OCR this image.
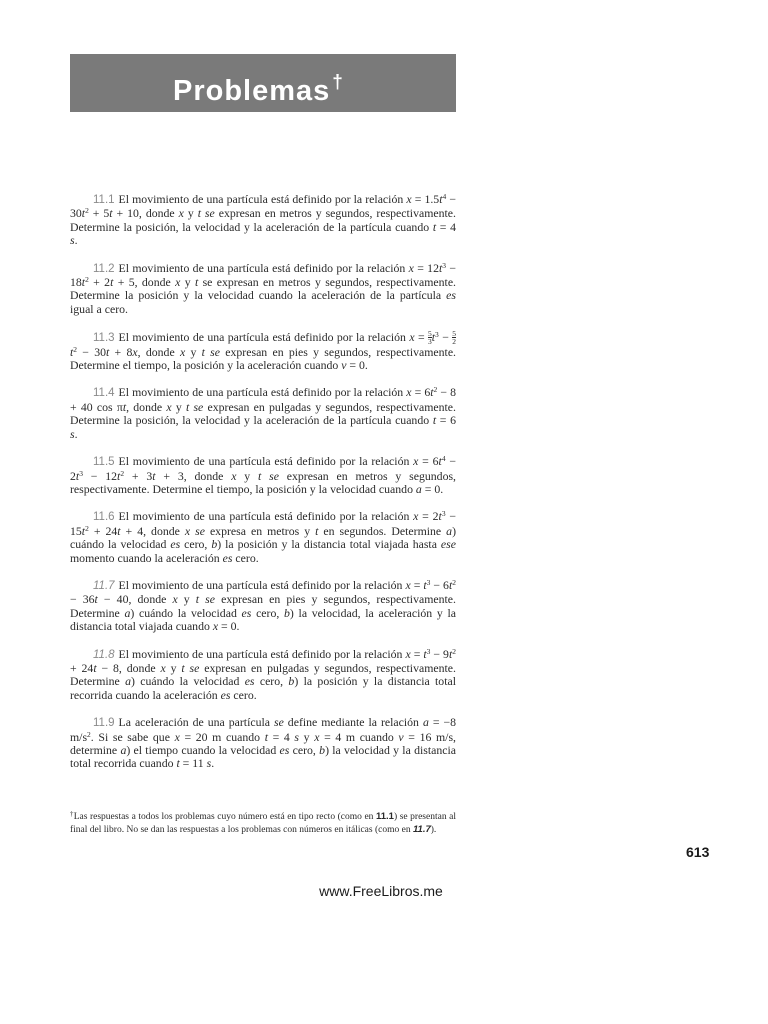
Problemas †

11.1 El movimiento de una partícula está definido por la relación $x = 1.5t^4 - 30t^2 + 5t + 10$, donde x y t se expresan en metros y segundos, respectivamente. Determine la posición, la velocidad y la aceleración de la partícula cuando t = 4 s.

11.2 El movimiento de una partícula está definido por la relación $x = 12t^3 - 18t^2 + 2t + 5$, donde x y t se expresan en metros y segundos, respectivamente. Determine la posición y la velocidad cuando la aceleración de la partícula es igual a cero.

11.3 El movimiento de una partícula está definido por la relación $x = \frac{5}{3} t^3 - \frac{5}{2}$
$t^2 - 30t + 8x$, donde x y t se expresan en pies y segundos, respectivamente. Determine el tiempo, la posición y la aceleración cuando v = 0.

11.4 El movimiento de una partícula está definido por la relación $x = 6t^2 - 8 + 40$ cos πt, donde x y t se expresan en pulgadas y segundos, respectivamente. Determine la posición, la velocidad y la aceleración de la partícula cuando t = 6 s.

11.5 El movimiento de una partícula está definido por la relación $x = 6t^4 - 2t^3 - 12t^2 + 3t + 3$, donde x y t se expresan en metros y segundos, respectivamente. Determine el tiempo, la posición y la velocidad cuando a = 0.

11.6 El movimiento de una partícula está definido por la relación $x = 2t^3 - 15t^2 + 24t + 4$, donde x se expresa en metros y t en segundos. Determine a) cuándo la velocidad es cero, b) la posición y la distancia total viajada hasta ese momento cuando la aceleración es cero.

11.7 El movimiento de una partícula está definido por la relación $x = t^3 - 6t^2 - 36t - 40$, donde x y t se expresan en pies y segundos, respectivamente. Determine a) cuándo la velocidad es cero, b) la velocidad, la aceleración y la distancia total viajada cuando x = 0.

11.8 El movimiento de una partícula está definido por la relación $x = t^3 - 9t^2 + 24t - 8$, donde x y t se expresan en pulgadas y segundos, respectivamente. Determine a) cuándo la velocidad es cero, b) la posición y la distancia total recorrida cuando la aceleración es cero.

11.9 La aceleración de una partícula se define mediante la relación a = −8 $m/s^2$. Si se sabe que x = 20 m cuando t = 4 s y x = 4 m cuando v = 16 m/s, determine a) el tiempo cuando la velocidad es cero, b) la velocidad y la distancia total recorrida cuando t = 11 s.

†Las respuestas a todos los problemas cuyo número está en tipo recto (como en 11.1) se presentan al final del libro. No se dan las respuestas a los problemas con números en itálicas (como en 11.7).
613
www.FreeLibros.me
